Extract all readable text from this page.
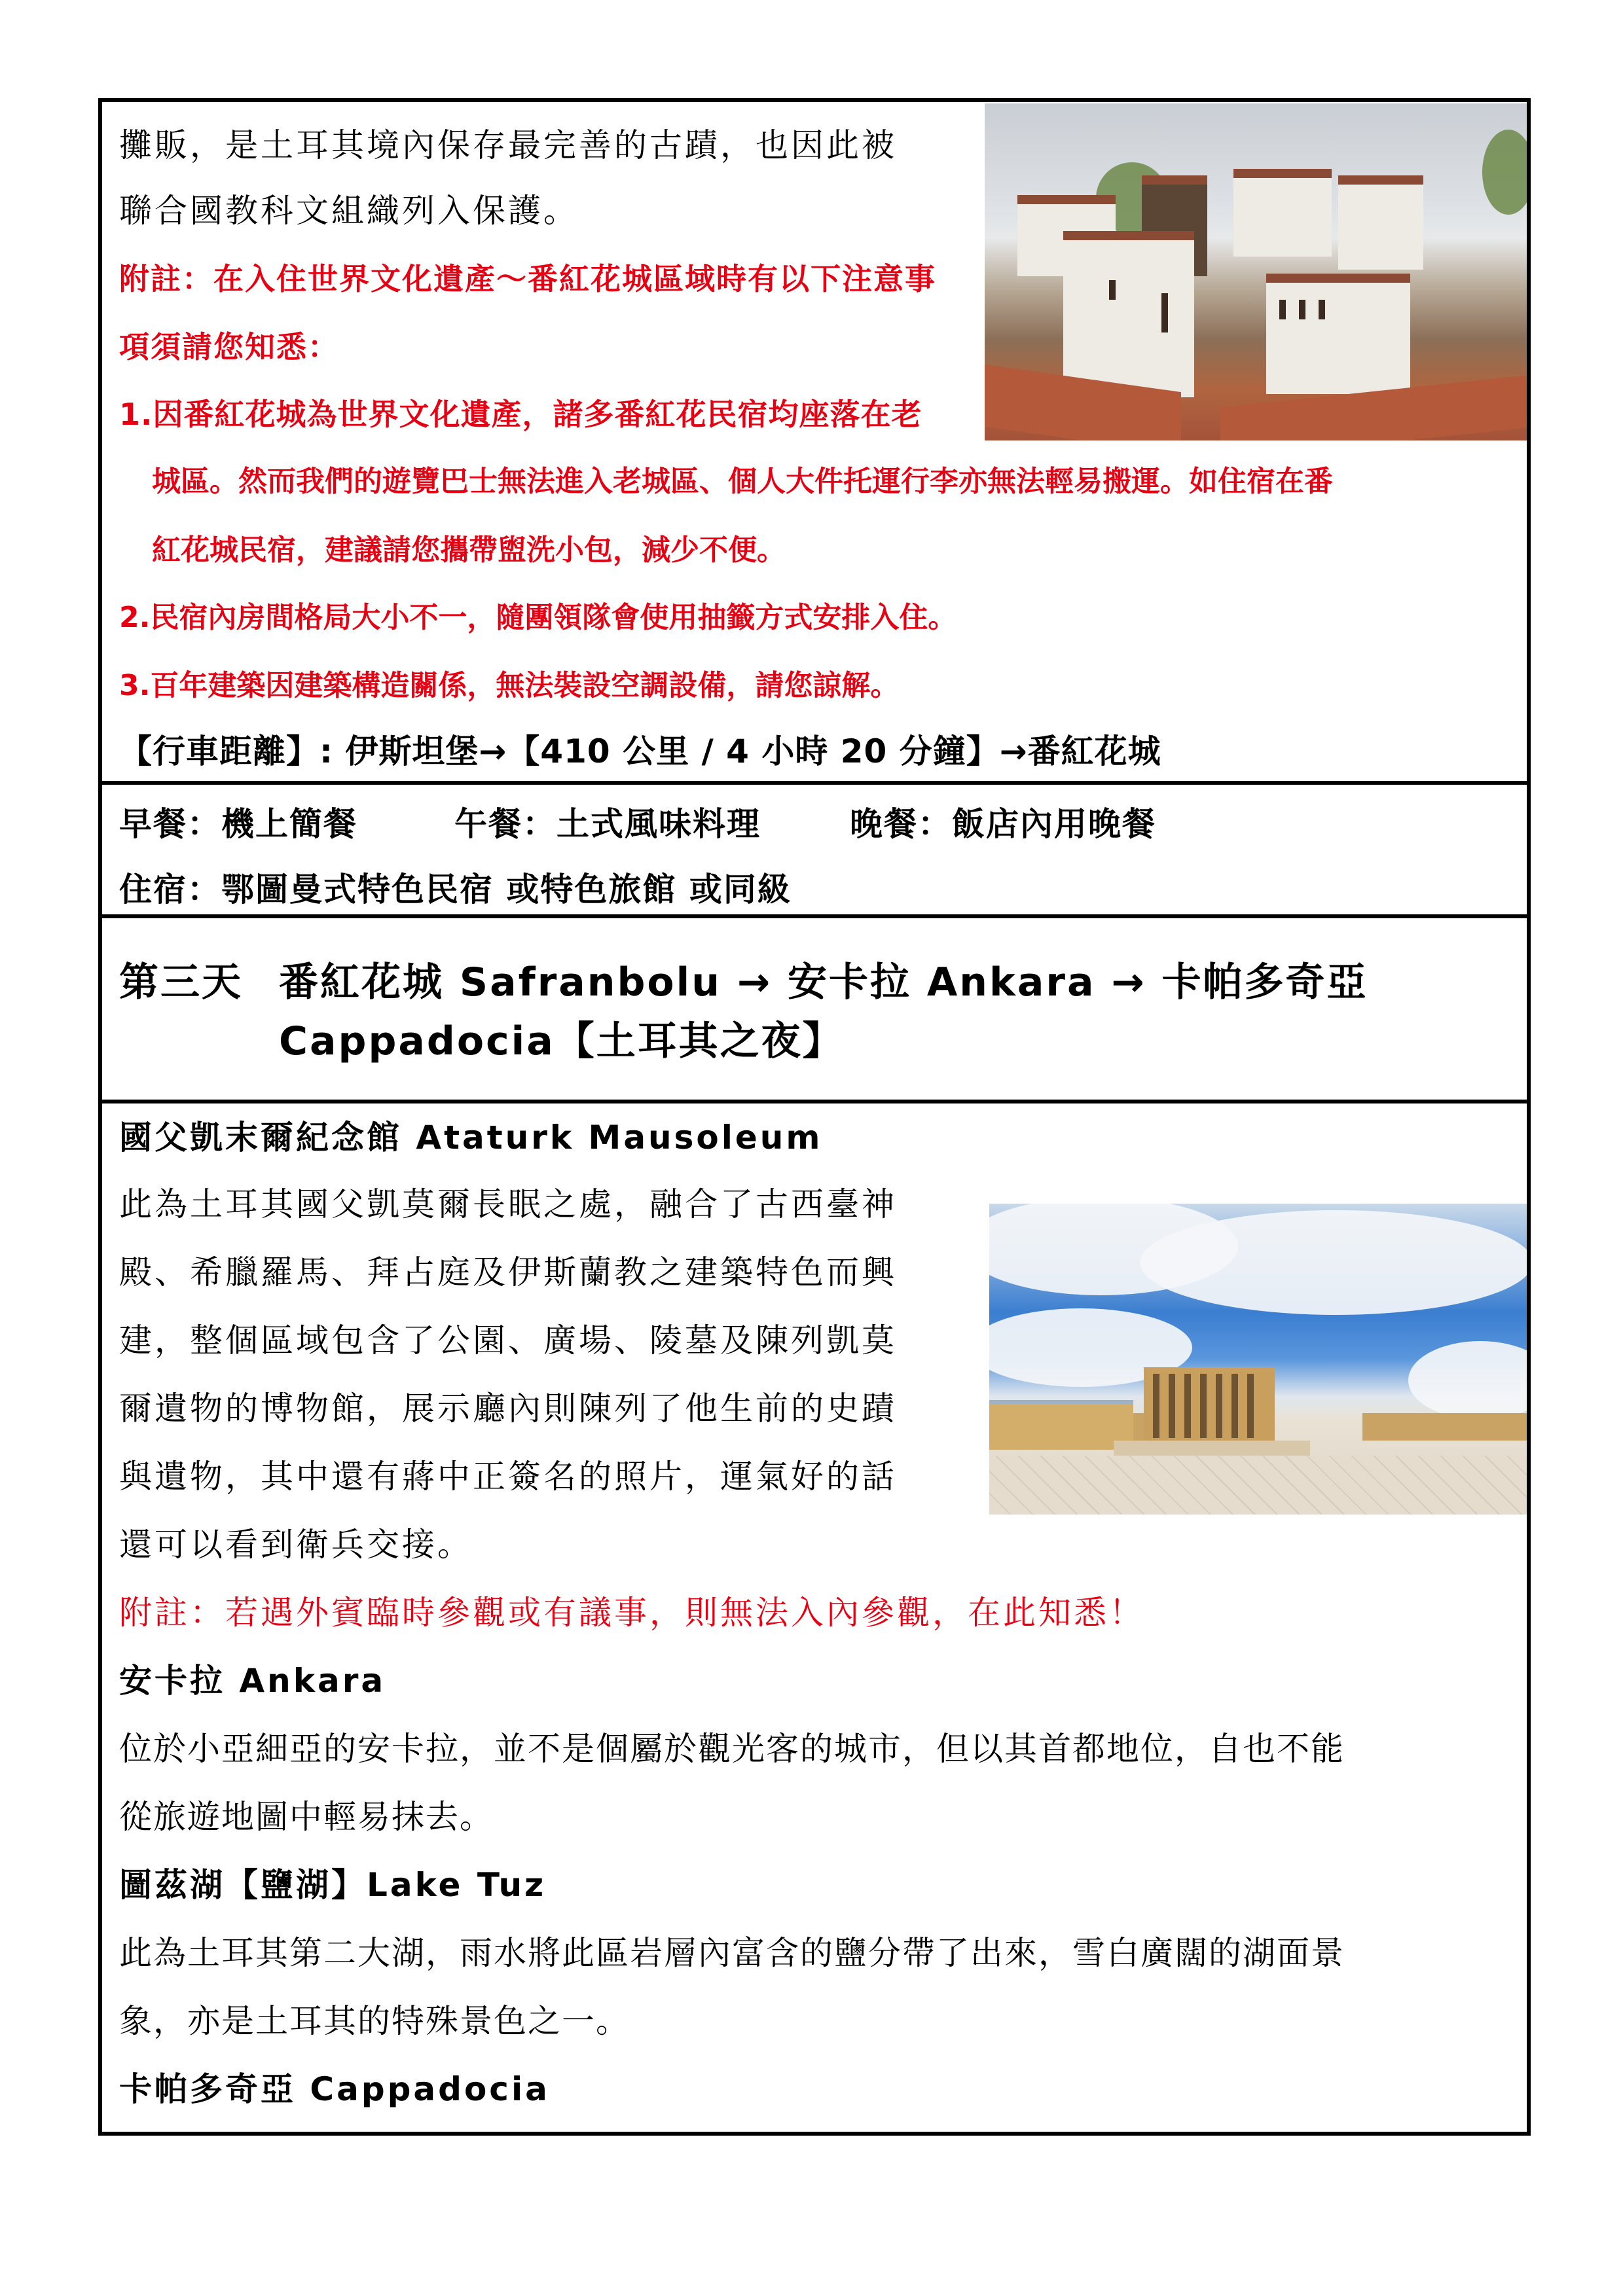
攤販，是土耳其境內保存最完善的古蹟，也因此被
聯合國教科文組織列入保護。
附註：在入住世界文化遺產～番紅花城區域時有以下注意事
項須請您知悉：
1.因番紅花城為世界文化遺產，諸多番紅花民宿均座落在老
城區。然而我們的遊覽巴士無法進入老城區、個人大件托運行李亦無法輕易搬運。如住宿在番
紅花城民宿，建議請您攜帶盥洗小包，減少不便。
2.民宿內房間格局大小不一，隨團領隊會使用抽籤方式安排入住。
3.百年建築因建築構造關係，無法裝設空調設備，請您諒解。
【行車距離】: 伊斯坦堡→【410 公里 / 4 小時 20 分鐘】→番紅花城
早餐：機上簡餐	午餐：土式風味料理	晚餐：飯店內用晚餐
住宿：鄂圖曼式特色民宿 或特色旅館 或同級
第三天 番紅花城 Safranbolu → 安卡拉 Ankara → 卡帕多奇亞
Cappadocia【土耳其之夜】
國父凱末爾紀念館 Ataturk Mausoleum
此為土耳其國父凱莫爾長眠之處，融合了古西臺神
殿、希臘羅馬、拜占庭及伊斯蘭教之建築特色而興
建，整個區域包含了公園、廣場、陵墓及陳列凱莫
爾遺物的博物館，展示廳內則陳列了他生前的史蹟
與遺物，其中還有蔣中正簽名的照片，運氣好的話
還可以看到衛兵交接。
附註：若遇外賓臨時參觀或有議事，則無法入內參觀，在此知悉！
安卡拉 Ankara
位於小亞細亞的安卡拉，並不是個屬於觀光客的城市，但以其首都地位，自也不能
從旅遊地圖中輕易抹去。
圖茲湖【鹽湖】Lake Tuz
此為土耳其第二大湖，雨水將此區岩層內富含的鹽分帶了出來，雪白廣闊的湖面景
象，亦是土耳其的特殊景色之一。
卡帕多奇亞 Cappadocia
